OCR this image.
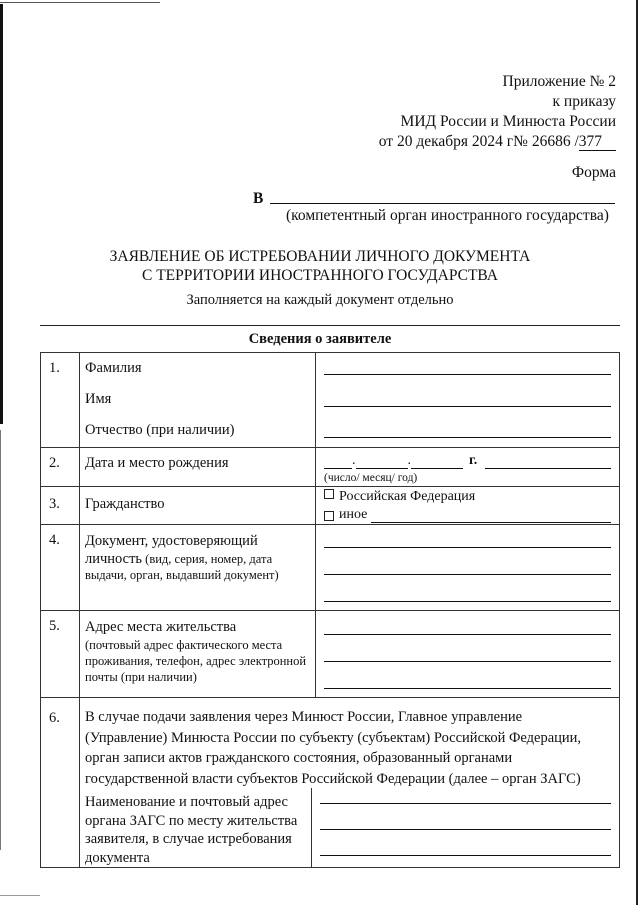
Приложение № 2
к приказу
МИД России и Минюста России
от 20 декабря 2024 г№ 26686 /377
Форма
В
(компетентный орган иностранного государства)
ЗАЯВЛЕНИЕ ОБ ИСТРЕБОВАНИИ ЛИЧНОГО ДОКУМЕНТА
С ТЕРРИТОРИИ ИНОСТРАННОГО ГОСУДАРСТВА
Заполняется на каждый документ отдельно
Сведения о заявителе
1.	Фамилия
Имя
Отчество (при наличии)	

2.	Дата и место рождения	. . г.
(число/ месяц/ год)

3.	Гражданство	Российская Федерация
иное

4.	Документ, удостоверяющий
личность (вид, серия, номер, дата выдачи, орган, выдавший документ)	

5.	Адрес места жительства
(почтовый адрес фактического места проживания, телефон, адрес электронной почты (при наличии)	

6.	В случае подачи заявления через Минюст России, Главное управление (Управление) Минюста России по субъекту (субъектам) Российской Федерации, орган записи актов гражданского состояния, образованный органами государственной власти субъектов Российской Федерации (далее – орган ЗАГС)
Наименование и почтовый адрес органа ЗАГС по месту жительства заявителя, в случае истребования документа	
